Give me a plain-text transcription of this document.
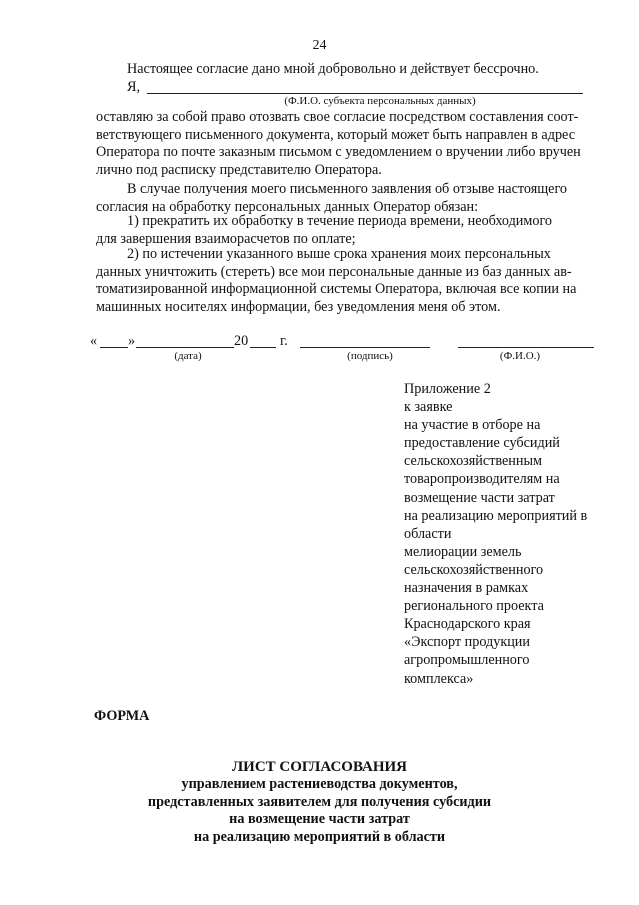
24
Настоящее согласие дано мной добровольно и действует бессрочно.
Я,
(Ф.И.О. субъекта персональных данных)
оставляю за собой право отозвать свое согласие посредством составления соот-
ветствующего письменного документа, который может быть направлен в адрес
Оператора по почте заказным письмом с уведомлением о вручении либо вручен
лично под расписку представителю Оператора.
В случае получения моего письменного заявления об отзыве настоящего
согласия на обработку персональных данных Оператор обязан:
1) прекратить их обработку в течение периода времени, необходимого
для завершения взаиморасчетов по оплате;
2) по истечении указанного выше срока хранения моих персональных
данных уничтожить (стереть) все мои персональные данные из баз данных ав-
томатизированной информационной системы Оператора, включая все копии на
машинных носителях информации, без уведомления меня об этом.
« »	20 г.
(дата)	(подпись)	(Ф.И.О.)
Приложение 2
к заявке
на участие в отборе на
предоставление субсидий
сельскохозяйственным
товаропроизводителям на
возмещение части затрат
на реализацию мероприятий в
области
мелиорации земель
сельскохозяйственного
назначения в рамках
регионального проекта
Краснодарского края
«Экспорт продукции
агропромышленного
комплекса»
ФОРМА
ЛИСТ СОГЛАСОВАНИЯ
управлением растениеводства документов,
представленных заявителем для получения субсидии
на возмещение части затрат
на реализацию мероприятий в области
